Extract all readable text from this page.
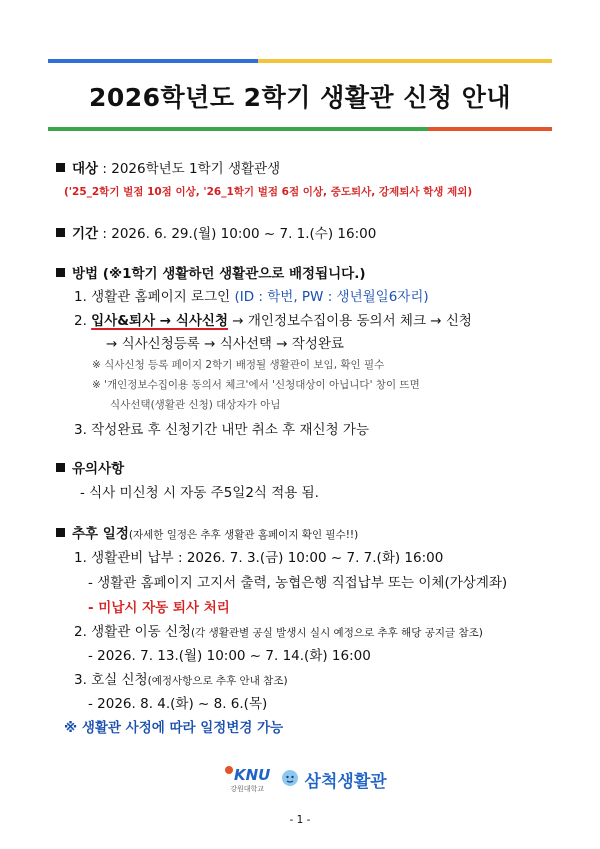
2026학년도 2학기 생활관 신청 안내
대상 : 2026학년도 1학기 생활관생
('25_2학기 벌점 10점 이상, '26_1학기 벌점 6점 이상, 중도퇴사, 강제퇴사 학생 제외)
기간 : 2026. 6. 29.(월) 10:00 ~ 7. 1.(수) 16:00
방법 (※1학기 생활하던 생활관으로 배정됩니다.)
1. 생활관 홈페이지 로그인 (ID : 학번, PW : 생년월일6자리)
2. 입사&퇴사 → 식사신청 → 개인정보수집이용 동의서 체크 → 신청
→ 식사신청등록 → 식사선택 → 작성완료
※ 식사신청 등록 페이지 2학기 배정될 생활관이 보임, 확인 필수
※ '개인정보수집이용 동의서 체크'에서 '신청대상이 아닙니다' 창이 뜨면
식사선택(생활관 신청) 대상자가 아님
3. 작성완료 후 신청기간 내만 취소 후 재신청 가능
유의사항
- 식사 미신청 시 자동 주5일2식 적용 됨.
추후 일정(자세한 일정은 추후 생활관 홈페이지 확인 필수!!)
1. 생활관비 납부 : 2026. 7. 3.(금) 10:00 ~ 7. 7.(화) 16:00
- 생활관 홈페이지 고지서 출력, 농협은행 직접납부 또는 이체(가상계좌)
- 미납시 자동 퇴사 처리
2. 생활관 이동 신청(각 생활관별 공실 발생시 실시 예정으로 추후 해당 공지글 참조)
- 2026. 7. 13.(월) 10:00 ~ 7. 14.(화) 16:00
3. 호실 신청(예정사항으로 추후 안내 참조)
- 2026. 8. 4.(화) ~ 8. 6.(목)
※ 생활관 사정에 따라 일정변경 가능
KNU
강원대학교	삼척생활관
- 1 -
